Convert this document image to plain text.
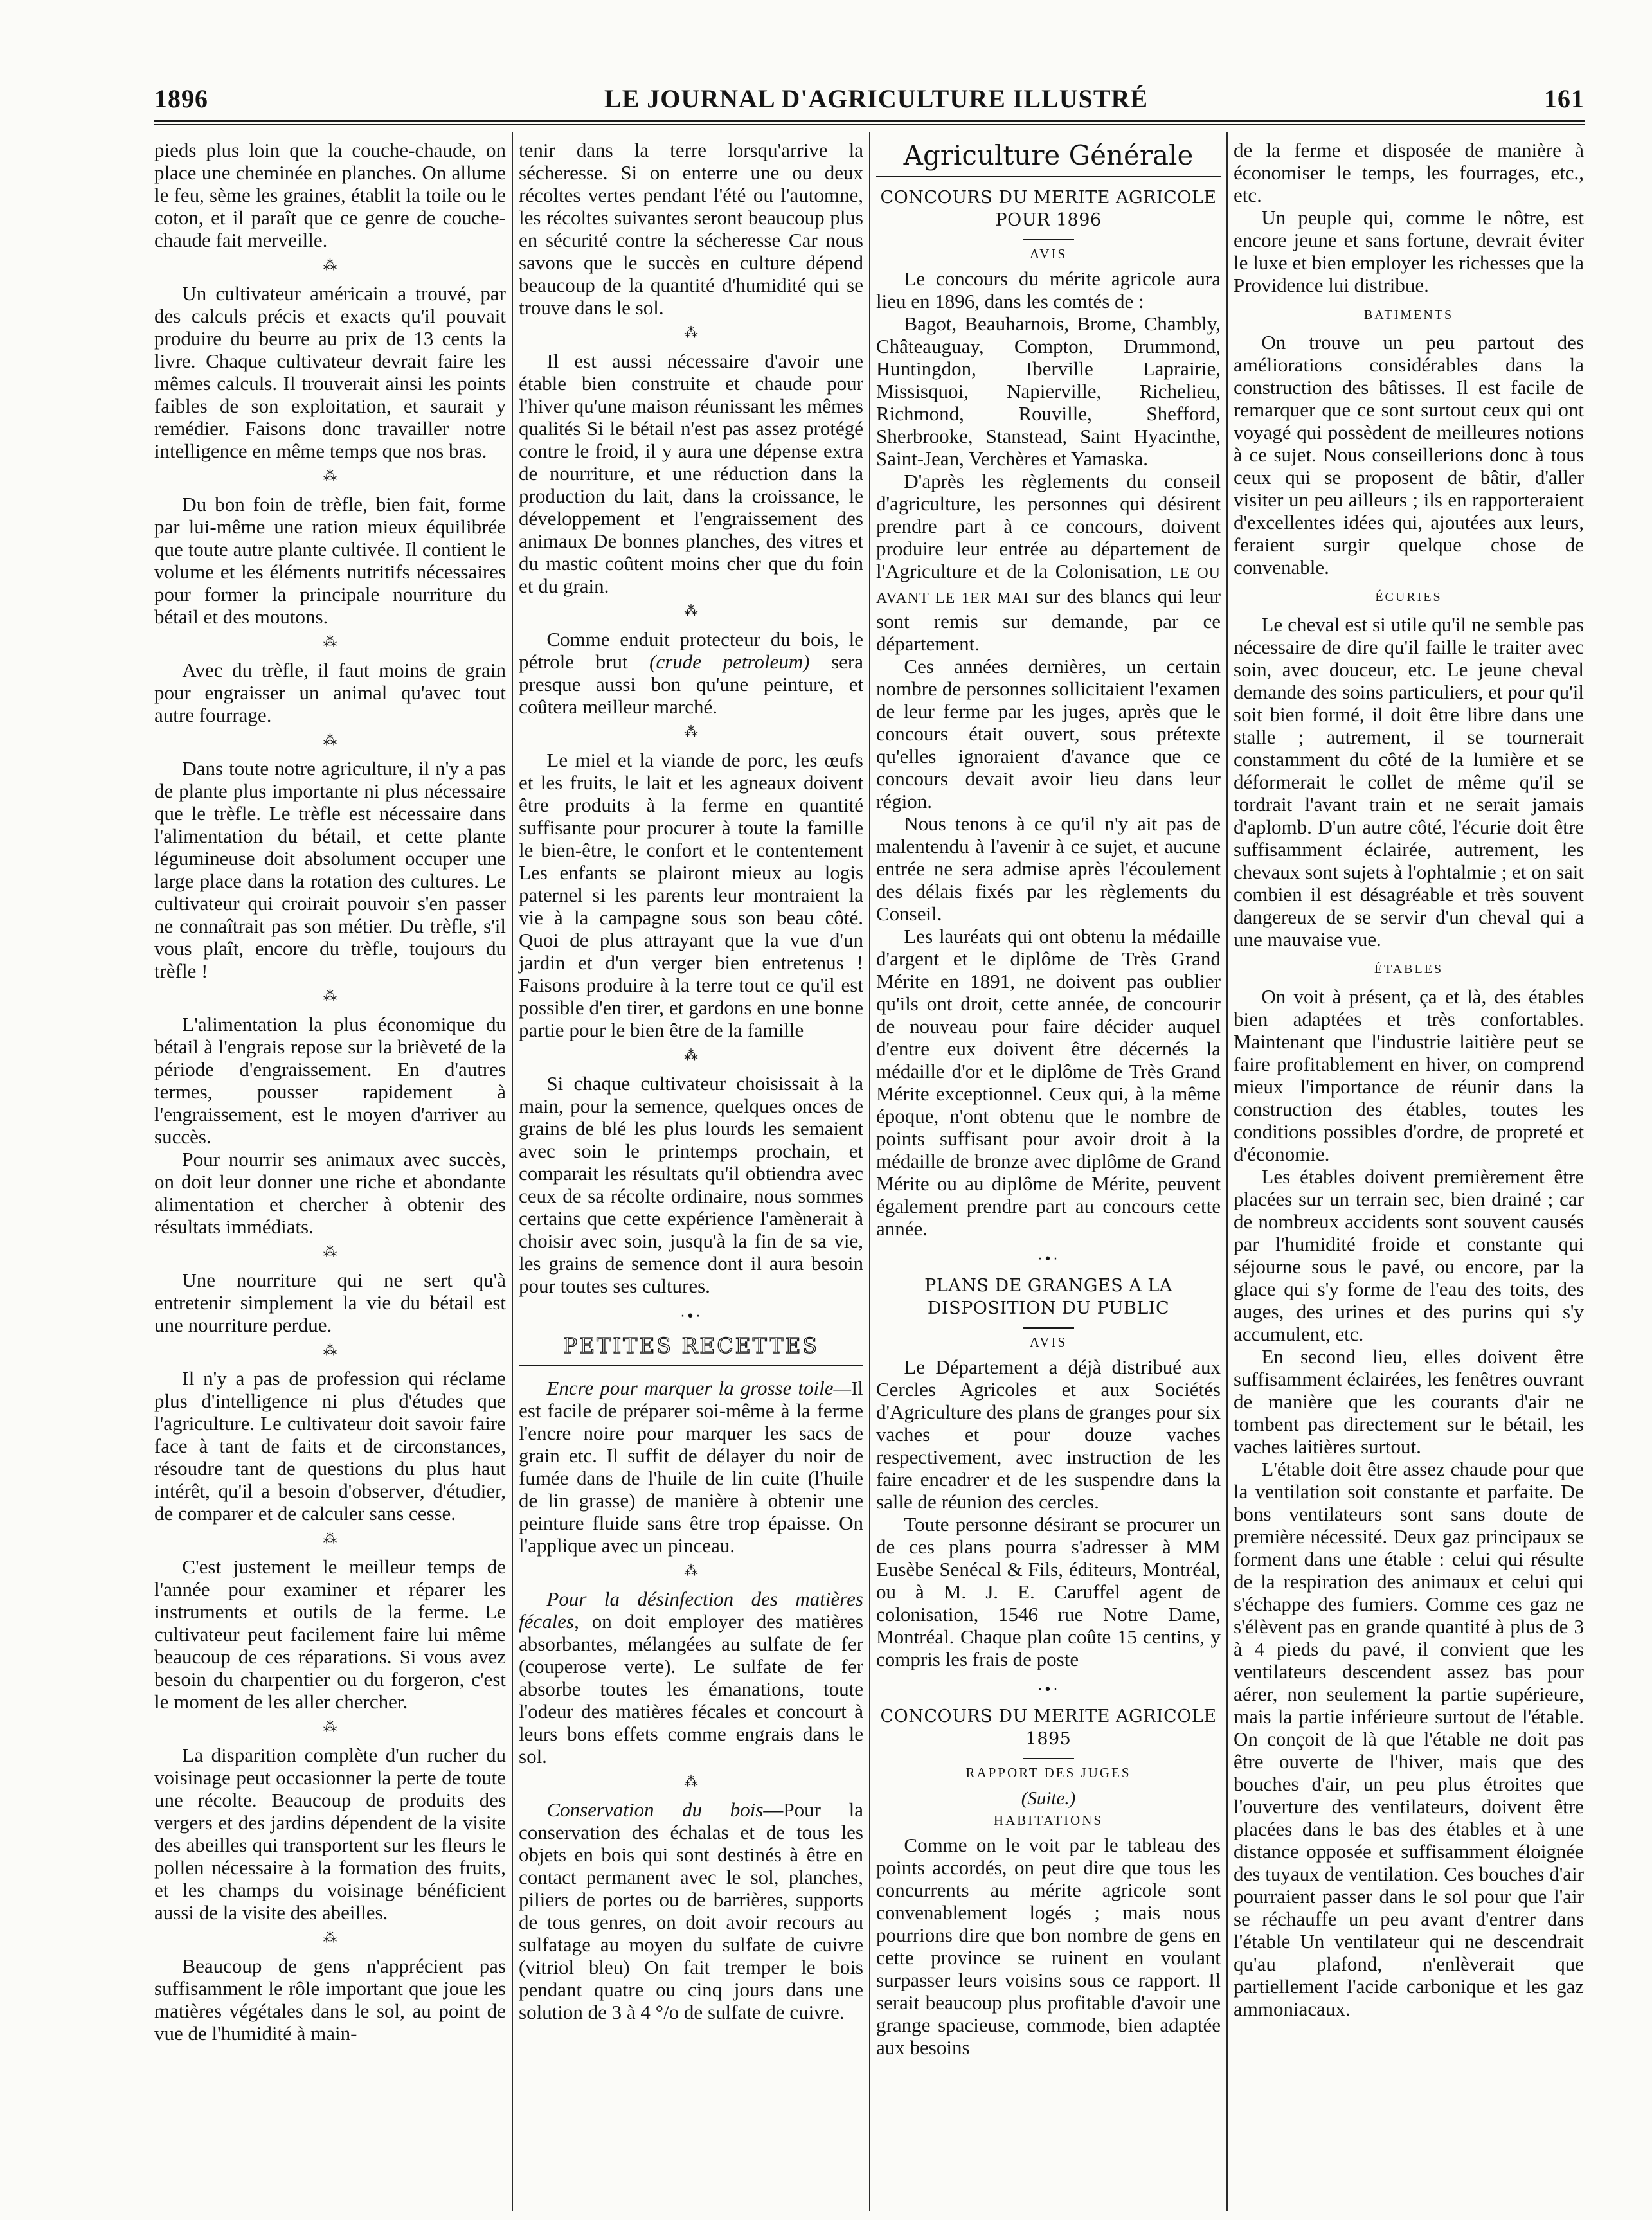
1896	LE JOURNAL D'AGRICULTURE ILLUSTRÉ	161

pieds plus loin que la couche-chaude, on place une cheminée en planches. On allume le feu, sème les graines, établit la toile ou le coton, et il paraît que ce genre de couche-chaude fait merveille.

⁂

Un cultivateur américain a trouvé, par des calculs précis et exacts qu'il pouvait produire du beurre au prix de 13 cents la livre. Chaque cultivateur devrait faire les mêmes calculs. Il trouverait ainsi les points faibles de son exploitation, et saurait y remédier. Faisons donc travailler notre intelligence en même temps que nos bras.

⁂

Du bon foin de trèfle, bien fait, forme par lui-même une ration mieux équilibrée que toute autre plante cultivée. Il contient le volume et les éléments nutritifs nécessaires pour former la principale nourriture du bétail et des moutons.

⁂

Avec du trèfle, il faut moins de grain pour engraisser un animal qu'avec tout autre fourrage.

⁂

Dans toute notre agriculture, il n'y a pas de plante plus importante ni plus nécessaire que le trèfle. Le trèfle est nécessaire dans l'alimentation du bétail, et cette plante légumineuse doit absolument occuper une large place dans la rotation des cultures. Le cultivateur qui croirait pouvoir s'en passer ne connaîtrait pas son métier. Du trèfle, s'il vous plaît, encore du trèfle, toujours du trèfle !

⁂

L'alimentation la plus économique du bétail à l'engrais repose sur la brièveté de la période d'engraissement. En d'autres termes, pousser rapidement à l'engraissement, est le moyen d'arriver au succès.

Pour nourrir ses animaux avec succès, on doit leur donner une riche et abondante alimentation et chercher à obtenir des résultats immédiats.

⁂

Une nourriture qui ne sert qu'à entretenir simplement la vie du bétail est une nourriture perdue.

⁂

Il n'y a pas de profession qui réclame plus d'intelligence ni plus d'études que l'agriculture. Le cultivateur doit savoir faire face à tant de faits et de circonstances, résoudre tant de questions du plus haut intérêt, qu'il a besoin d'observer, d'étudier, de comparer et de calculer sans cesse.

⁂

C'est justement le meilleur temps de l'année pour examiner et réparer les instruments et outils de la ferme. Le cultivateur peut facilement faire lui même beaucoup de ces réparations. Si vous avez besoin du charpentier ou du forgeron, c'est le moment de les aller chercher.

⁂

La disparition complète d'un rucher du voisinage peut occasionner la perte de toute une récolte. Beaucoup de produits des vergers et des jardins dépendent de la visite des abeilles qui transportent sur les fleurs le pollen nécessaire à la formation des fruits, et les champs du voisinage bénéficient aussi de la visite des abeilles.

⁂

Beaucoup de gens n'apprécient pas suffisamment le rôle important que joue les matières végétales dans le sol, au point de vue de l'humidité à main-

tenir dans la terre lorsqu'arrive la sécheresse. Si on enterre une ou deux récoltes vertes pendant l'été ou l'automne, les récoltes suivantes seront beaucoup plus en sécurité contre la sécheresse Car nous savons que le succès en culture dépend beaucoup de la quantité d'humidité qui se trouve dans le sol.

⁂

Il est aussi nécessaire d'avoir une étable bien construite et chaude pour l'hiver qu'une maison réunissant les mêmes qualités Si le bétail n'est pas assez protégé contre le froid, il y aura une dépense extra de nourriture, et une réduction dans la production du lait, dans la croissance, le développement et l'engraissement des animaux De bonnes planches, des vitres et du mastic coûtent moins cher que du foin et du grain.

⁂

Comme enduit protecteur du bois, le pétrole brut (crude petroleum) sera presque aussi bon qu'une peinture, et coûtera meilleur marché.

⁂

Le miel et la viande de porc, les œufs et les fruits, le lait et les agneaux doivent être produits à la ferme en quantité suffisante pour procurer à toute la famille le bien-être, le confort et le contentement Les enfants se plairont mieux au logis paternel si les parents leur montraient la vie à la campagne sous son beau côté. Quoi de plus attrayant que la vue d'un jardin et d'un verger bien entretenus ! Faisons produire à la terre tout ce qu'il est possible d'en tirer, et gardons en une bonne partie pour le bien être de la famille

⁂

Si chaque cultivateur choisissait à la main, pour la semence, quelques onces de grains de blé les plus lourds les semaient avec soin le printemps prochain, et comparait les résultats qu'il obtiendra avec ceux de sa récolte ordinaire, nous sommes certains que cette expérience l'amènerait à choisir avec soin, jusqu'à la fin de sa vie, les grains de semence dont il aura besoin pour toutes ses cultures.

·•·
PETITES RECETTES

Encre pour marquer la grosse toile—Il est facile de préparer soi-même à la ferme l'encre noire pour marquer les sacs de grain etc. Il suffit de délayer du noir de fumée dans de l'huile de lin cuite (l'huile de lin grasse) de manière à obtenir une peinture fluide sans être trop épaisse. On l'applique avec un pinceau.

⁂

Pour la désinfection des matières fécales, on doit employer des matières absorbantes, mélangées au sulfate de fer (couperose verte). Le sulfate de fer absorbe toutes les émanations, toute l'odeur des matières fécales et concourt à leurs bons effets comme engrais dans le sol.

⁂

Conservation du bois—Pour la conservation des échalas et de tous les objets en bois qui sont destinés à être en contact permanent avec le sol, planches, piliers de portes ou de barrières, supports de tous genres, on doit avoir recours au sulfatage au moyen du sulfate de cuivre (vitriol bleu) On fait tremper le bois pendant quatre ou cinq jours dans une solution de 3 à 4 °/o de sulfate de cuivre.

Agriculture Générale
CONCOURS DU MERITE AGRICOLE POUR 1896
AVIS

Le concours du mérite agricole aura lieu en 1896, dans les comtés de :

Bagot, Beauharnois, Brome, Chambly, Châteauguay, Compton, Drummond, Huntingdon, Iberville Laprairie, Missisquoi, Napierville, Richelieu, Richmond, Rouville, Shefford, Sherbrooke, Stanstead, Saint Hyacinthe, Saint-Jean, Verchères et Yamaska.

D'après les règlements du conseil d'agriculture, les personnes qui désirent prendre part à ce concours, doivent produire leur entrée au département de l'Agriculture et de la Colonisation, LE OU AVANT LE 1ER MAI sur des blancs qui leur sont remis sur demande, par ce département.

Ces années dernières, un certain nombre de personnes sollicitaient l'examen de leur ferme par les juges, après que le concours était ouvert, sous prétexte qu'elles ignoraient d'avance que ce concours devait avoir lieu dans leur région.

Nous tenons à ce qu'il n'y ait pas de malentendu à l'avenir à ce sujet, et aucune entrée ne sera admise après l'écoulement des délais fixés par les règlements du Conseil.

Les lauréats qui ont obtenu la médaille d'argent et le diplôme de Très Grand Mérite en 1891, ne doivent pas oublier qu'ils ont droit, cette année, de concourir de nouveau pour faire décider auquel d'entre eux doivent être décernés la médaille d'or et le diplôme de Très Grand Mérite exceptionnel. Ceux qui, à la même époque, n'ont obtenu que le nombre de points suffisant pour avoir droit à la médaille de bronze avec diplôme de Grand Mérite ou au diplôme de Mérite, peuvent également prendre part au concours cette année.

·•·
PLANS DE GRANGES A LA DISPOSITION DU PUBLIC
AVIS

Le Département a déjà distribué aux Cercles Agricoles et aux Sociétés d'Agriculture des plans de granges pour six vaches et pour douze vaches respectivement, avec instruction de les faire encadrer et de les suspendre dans la salle de réunion des cercles.

Toute personne désirant se procurer un de ces plans pourra s'adresser à MM Eusèbe Senécal & Fils, éditeurs, Montréal, ou à M. J. E. Caruffel agent de colonisation, 1546 rue Notre Dame, Montréal. Chaque plan coûte 15 centins, y compris les frais de poste

·•·
CONCOURS DU MERITE AGRICOLE 1895
RAPPORT DES JUGES
(Suite.)
HABITATIONS

Comme on le voit par le tableau des points accordés, on peut dire que tous les concurrents au mérite agricole sont convenablement logés ; mais nous pourrions dire que bon nombre de gens en cette province se ruinent en voulant surpasser leurs voisins sous ce rapport. Il serait beaucoup plus profitable d'avoir une grange spacieuse, commode, bien adaptée aux besoins

de la ferme et disposée de manière à économiser le temps, les fourrages, etc., etc.

Un peuple qui, comme le nôtre, est encore jeune et sans fortune, devrait éviter le luxe et bien employer les richesses que la Providence lui distribue.

BATIMENTS

On trouve un peu partout des améliorations considérables dans la construction des bâtisses. Il est facile de remarquer que ce sont surtout ceux qui ont voyagé qui possèdent de meilleures notions à ce sujet. Nous conseillerions donc à tous ceux qui se proposent de bâtir, d'aller visiter un peu ailleurs ; ils en rapporteraient d'excellentes idées qui, ajoutées aux leurs, feraient surgir quelque chose de convenable.

ÉCURIES

Le cheval est si utile qu'il ne semble pas nécessaire de dire qu'il faille le traiter avec soin, avec douceur, etc. Le jeune cheval demande des soins particuliers, et pour qu'il soit bien formé, il doit être libre dans une stalle ; autrement, il se tournerait constamment du côté de la lumière et se déformerait le collet de même qu'il se tordrait l'avant train et ne serait jamais d'aplomb. D'un autre côté, l'écurie doit être suffisamment éclairée, autrement, les chevaux sont sujets à l'ophtalmie ; et on sait combien il est désagréable et très souvent dangereux de se servir d'un cheval qui a une mauvaise vue.

ÉTABLES

On voit à présent, ça et là, des étables bien adaptées et très confortables. Maintenant que l'industrie laitière peut se faire profitablement en hiver, on comprend mieux l'importance de réunir dans la construction des étables, toutes les conditions possibles d'ordre, de propreté et d'économie.

Les étables doivent premièrement être placées sur un terrain sec, bien drainé ; car de nombreux accidents sont souvent causés par l'humidité froide et constante qui séjourne sous le pavé, ou encore, par la glace qui s'y forme de l'eau des toits, des auges, des urines et des purins qui s'y accumulent, etc.

En second lieu, elles doivent être suffisamment éclairées, les fenêtres ouvrant de manière que les courants d'air ne tombent pas directement sur le bétail, les vaches laitières surtout.

L'étable doit être assez chaude pour que la ventilation soit constante et parfaite. De bons ventilateurs sont sans doute de première nécessité. Deux gaz principaux se forment dans une étable : celui qui résulte de la respiration des animaux et celui qui s'échappe des fumiers. Comme ces gaz ne s'élèvent pas en grande quantité à plus de 3 à 4 pieds du pavé, il convient que les ventilateurs descendent assez bas pour aérer, non seulement la partie supérieure, mais la partie inférieure surtout de l'étable. On conçoit de là que l'étable ne doit pas être ouverte de l'hiver, mais que des bouches d'air, un peu plus étroites que l'ouverture des ventilateurs, doivent être placées dans le bas des étables et à une distance opposée et suffisamment éloignée des tuyaux de ventilation. Ces bouches d'air pourraient passer dans le sol pour que l'air se réchauffe un peu avant d'entrer dans l'étable Un ventilateur qui ne descendrait qu'au plafond, n'enlèverait que partiellement l'acide carbonique et les gaz ammoniacaux.
